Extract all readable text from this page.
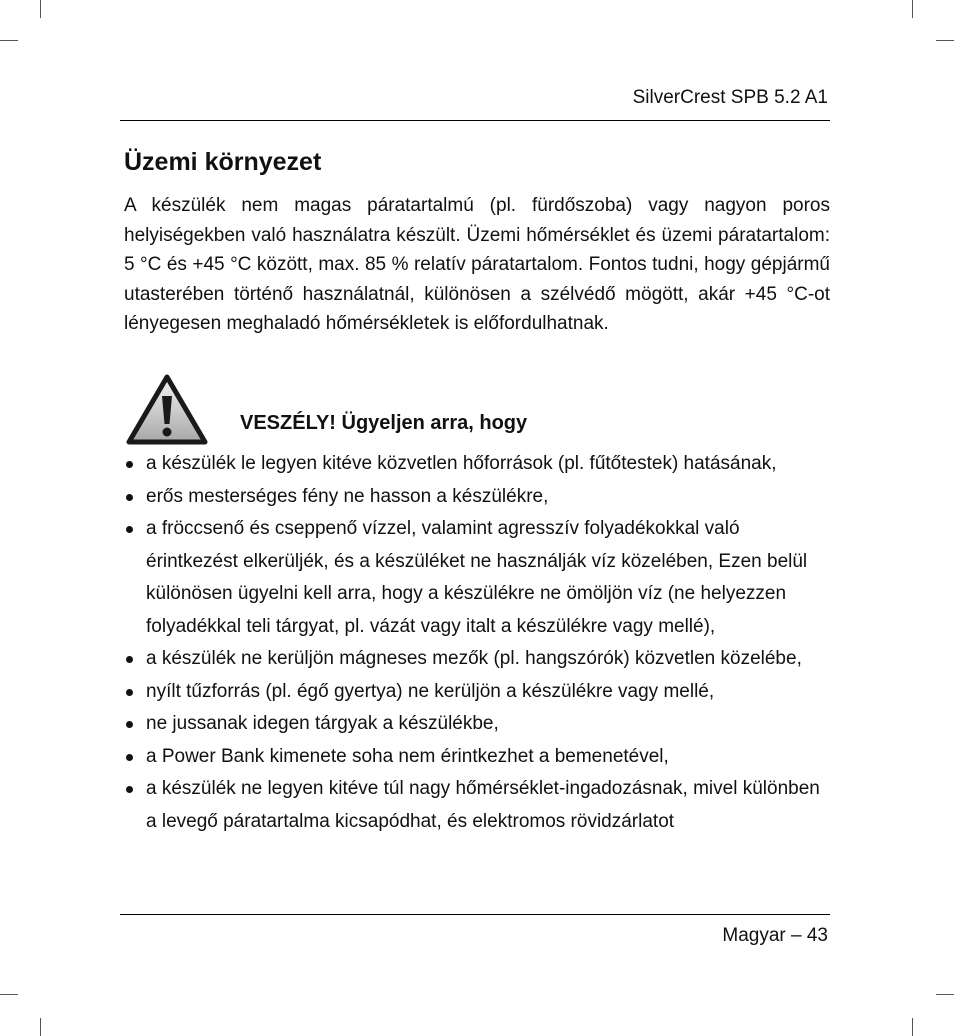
SilverCrest SPB 5.2 A1
Üzemi környezet

A készülék nem magas páratartalmú (pl. fürdőszoba) vagy nagyon poros helyiségekben való használatra készült. Üzemi hőmérséklet és üzemi páratartalom: 5 °C és +45 °C között, max. 85 % relatív páratartalom. Fontos tudni, hogy gépjármű utasterében történő használatnál, különösen a szélvédő mögött, akár +45 °C-ot lényegesen meghaladó hőmérsékletek is előfordulhatnak.

VESZÉLY! Ügyeljen arra, hogy
a készülék le legyen kitéve közvetlen hőforrások (pl. fűtőtestek) hatásának,
erős mesterséges fény ne hasson a készülékre,
a fröccsenő és cseppenő vízzel, valamint agresszív folyadékokkal való érintkezést elkerüljék, és a készüléket ne használják víz közelében, Ezen belül különösen ügyelni kell arra, hogy a készülékre ne ömöljön víz (ne helyezzen folyadékkal teli tárgyat, pl. vázát vagy italt a készülékre vagy mellé),
a készülék ne kerüljön mágneses mezők (pl. hangszórók) közvetlen közelébe,
nyílt tűzforrás (pl. égő gyertya) ne kerüljön a készülékre vagy mellé,
ne jussanak idegen tárgyak a készülékbe,
a Power Bank kimenete soha nem érintkezhet a bemenetével,
a készülék ne legyen kitéve túl nagy hőmérséklet-ingadozásnak, mivel különben a levegő páratartalma kicsapódhat, és elektromos rövidzárlatot
Magyar – 43
